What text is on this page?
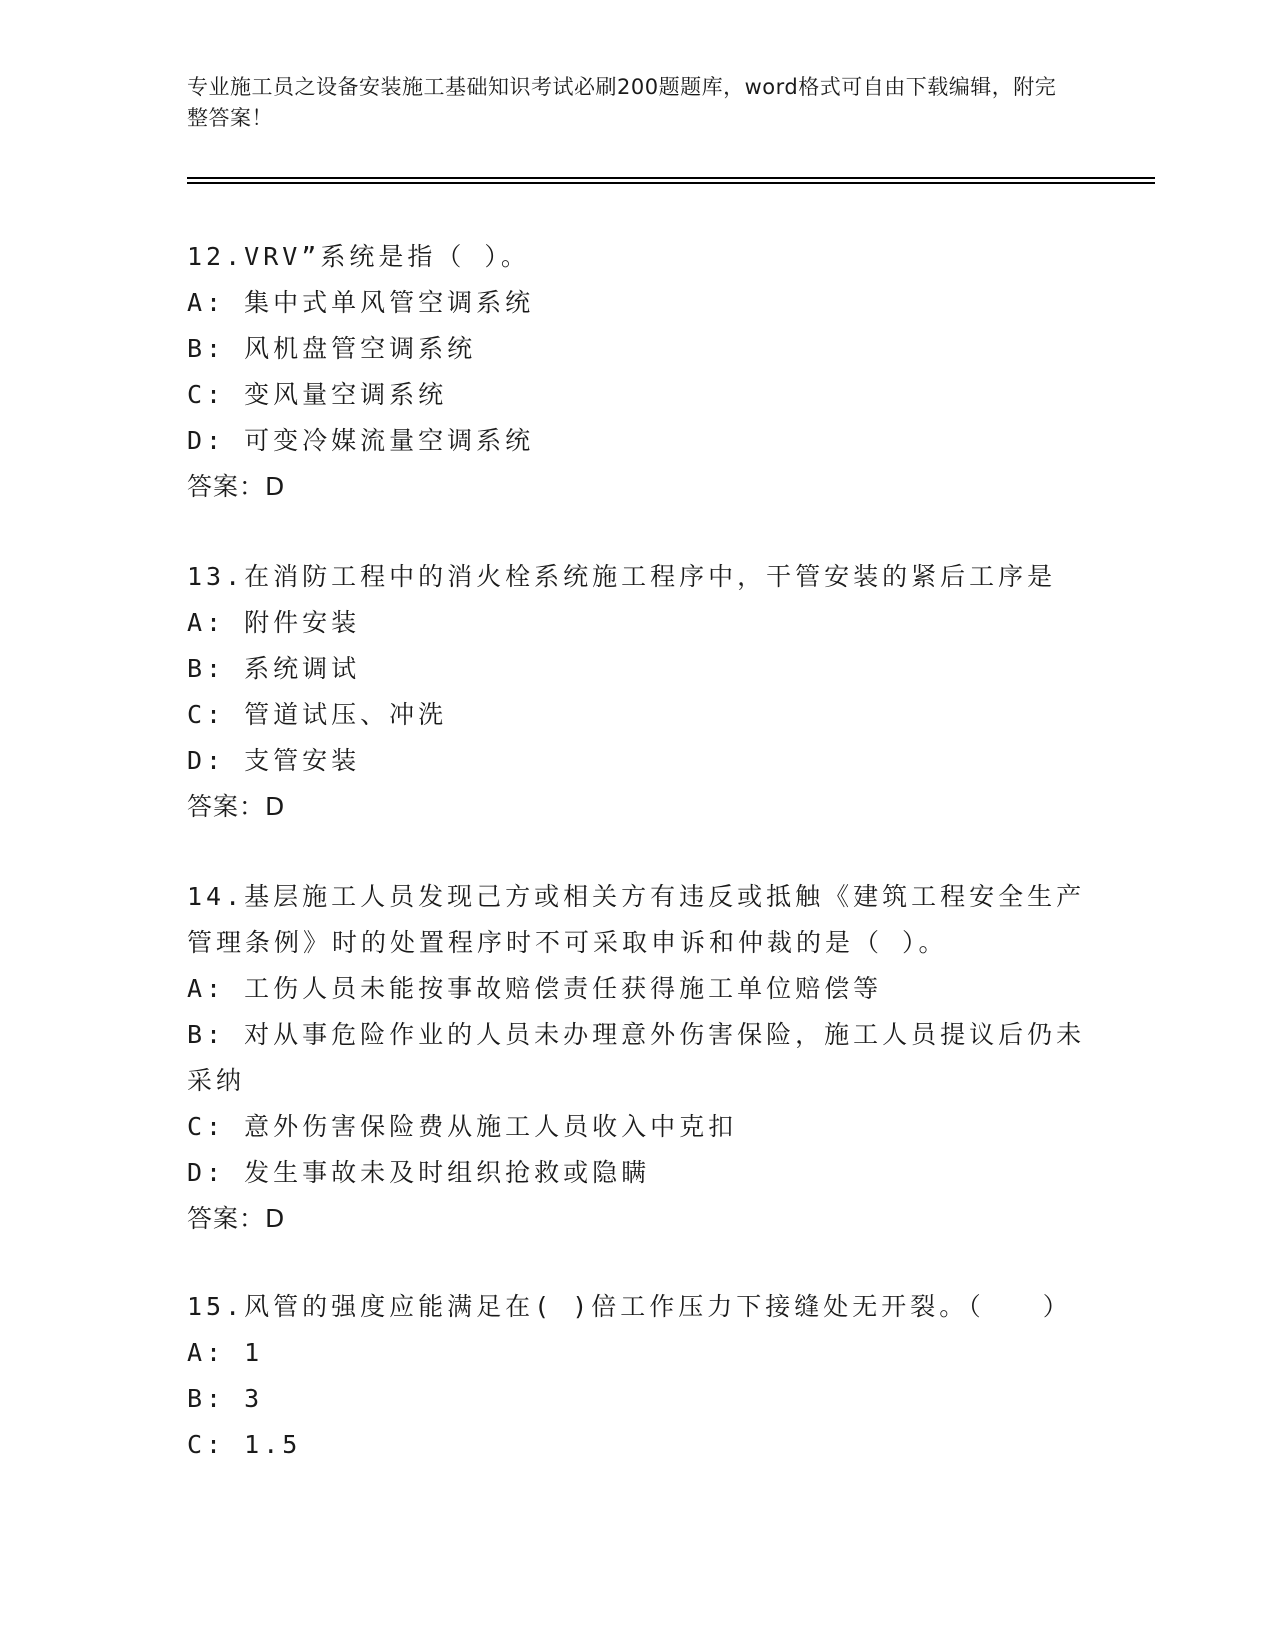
专业施工员之设备安装施工基础知识考试必刷200题题库，word格式可自由下载编辑，附完整答案！
12.VRV”系统是指（ ）。
A: 集中式单风管空调系统
B: 风机盘管空调系统
C: 变风量空调系统
D: 可变冷媒流量空调系统
答案：D
13.在消防工程中的消火栓系统施工程序中，干管安装的紧后工序是
A: 附件安装
B: 系统调试
C: 管道试压、冲洗
D: 支管安装
答案：D
14.基层施工人员发现己方或相关方有违反或抵触《建筑工程安全生产管理条例》时的处置程序时不可采取申诉和仲裁的是（ ）。
A: 工伤人员未能按事故赔偿责任获得施工单位赔偿等
B: 对从事危险作业的人员未办理意外伤害保险，施工人员提议后仍未采纳
C: 意外伤害保险费从施工人员收入中克扣
D: 发生事故未及时组织抢救或隐瞒
答案：D
15.风管的强度应能满足在( )倍工作压力下接缝处无开裂。（　　）
A: 1
B: 3
C: 1.5
